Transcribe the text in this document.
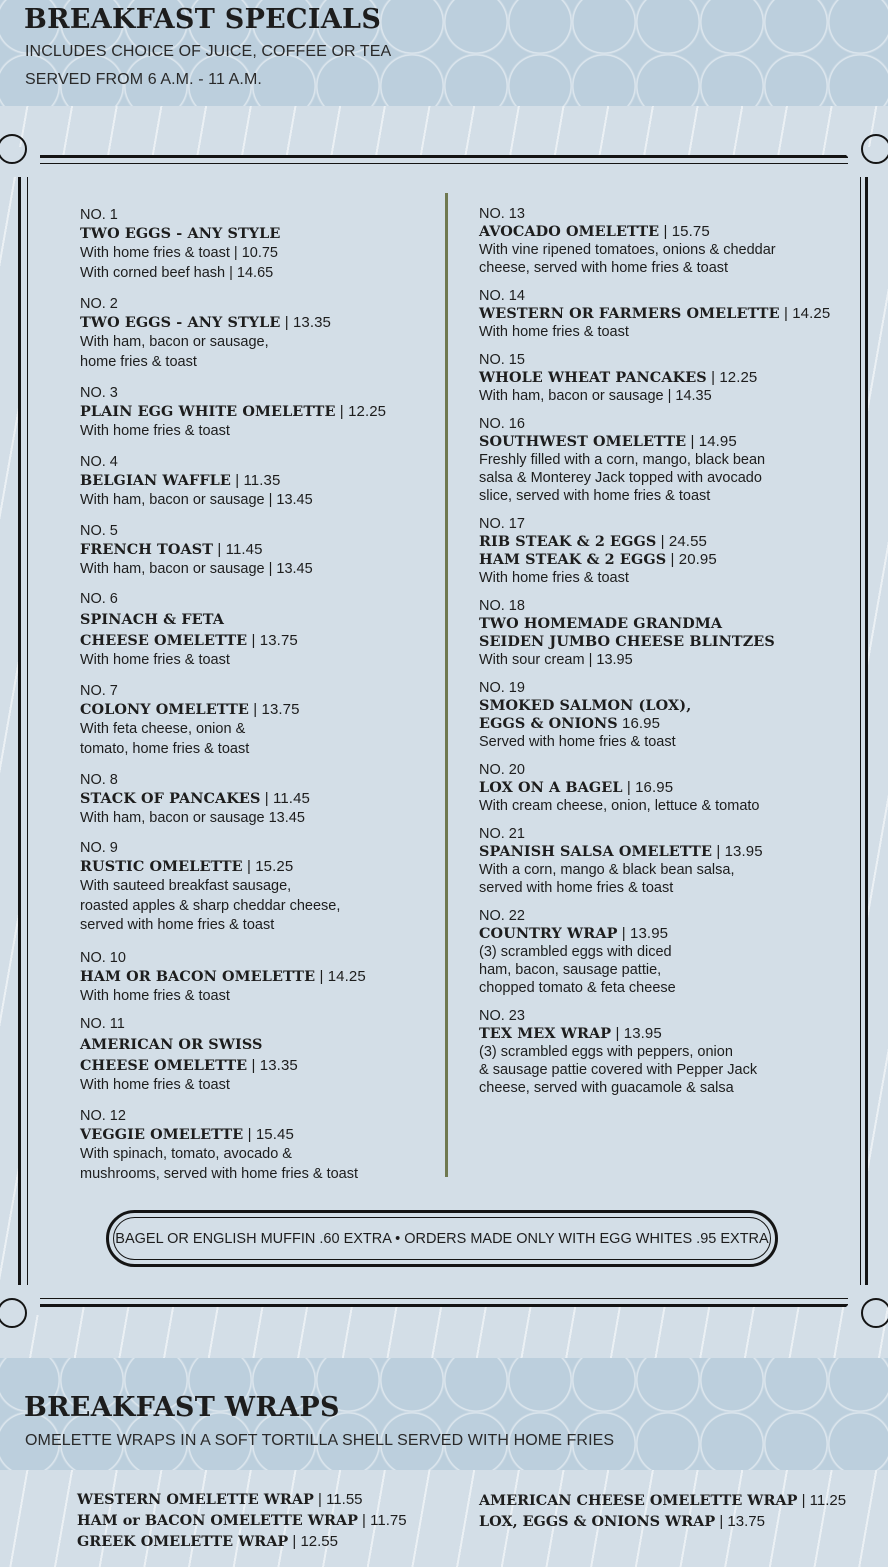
BREAKFAST SPECIALS

INCLUDES CHOICE OF JUICE, COFFEE OR TEA

SERVED FROM 6 A.M. - 11 A.M.

NO. 1
TWO EGGS - ANY STYLE
With home fries & toast | 10.75
With corned beef hash | 14.65
NO. 2
TWO EGGS - ANY STYLE | 13.35
With ham, bacon or sausage,
home fries & toast
NO. 3
PLAIN EGG WHITE OMELETTE | 12.25
With home fries & toast
NO. 4
BELGIAN WAFFLE | 11.35
With ham, bacon or sausage | 13.45
NO. 5
FRENCH TOAST | 11.45
With ham, bacon or sausage | 13.45
NO. 6
SPINACH & FETA
CHEESE OMELETTE | 13.75
With home fries & toast
NO. 7
COLONY OMELETTE | 13.75
With feta cheese, onion &
tomato, home fries & toast
NO. 8
STACK OF PANCAKES | 11.45
With ham, bacon or sausage 13.45
NO. 9
RUSTIC OMELETTE | 15.25
With sauteed breakfast sausage,
roasted apples & sharp cheddar cheese,
served with home fries & toast
NO. 10
HAM OR BACON OMELETTE | 14.25
With home fries & toast
NO. 11
AMERICAN OR SWISS
CHEESE OMELETTE | 13.35
With home fries & toast
NO. 12
VEGGIE OMELETTE | 15.45
With spinach, tomato, avocado &
mushrooms, served with home fries & toast
NO. 13
AVOCADO OMELETTE | 15.75
With vine ripened tomatoes, onions & cheddar
cheese, served with home fries & toast
NO. 14
WESTERN OR FARMERS OMELETTE | 14.25
With home fries & toast
NO. 15
WHOLE WHEAT PANCAKES | 12.25
With ham, bacon or sausage | 14.35
NO. 16
SOUTHWEST OMELETTE | 14.95
Freshly filled with a corn, mango, black bean
salsa & Monterey Jack topped with avocado
slice, served with home fries & toast
NO. 17
RIB STEAK & 2 EGGS | 24.55
HAM STEAK & 2 EGGS | 20.95
With home fries & toast
NO. 18
TWO HOMEMADE GRANDMA
SEIDEN JUMBO CHEESE BLINTZES
With sour cream | 13.95
NO. 19
SMOKED SALMON (LOX),
EGGS & ONIONS 16.95
Served with home fries & toast
NO. 20
LOX ON A BAGEL | 16.95
With cream cheese, onion, lettuce & tomato
NO. 21
SPANISH SALSA OMELETTE | 13.95
With a corn, mango & black bean salsa,
served with home fries & toast
NO. 22
COUNTRY WRAP | 13.95
(3) scrambled eggs with diced
ham, bacon, sausage pattie,
chopped tomato & feta cheese
NO. 23
TEX MEX WRAP | 13.95
(3) scrambled eggs with peppers, onion
& sausage pattie covered with Pepper Jack
cheese, served with guacamole & salsa
BAGEL OR ENGLISH MUFFIN .60 EXTRA • ORDERS MADE ONLY WITH EGG WHITES .95 EXTRA
BREAKFAST WRAPS

OMELETTE WRAPS IN A SOFT TORTILLA SHELL SERVED WITH HOME FRIES

WESTERN OMELETTE WRAP | 11.55
HAM or BACON OMELETTE WRAP | 11.75
GREEK OMELETTE WRAP | 12.55
AMERICAN CHEESE OMELETTE WRAP | 11.25
LOX, EGGS & ONIONS WRAP | 13.75
